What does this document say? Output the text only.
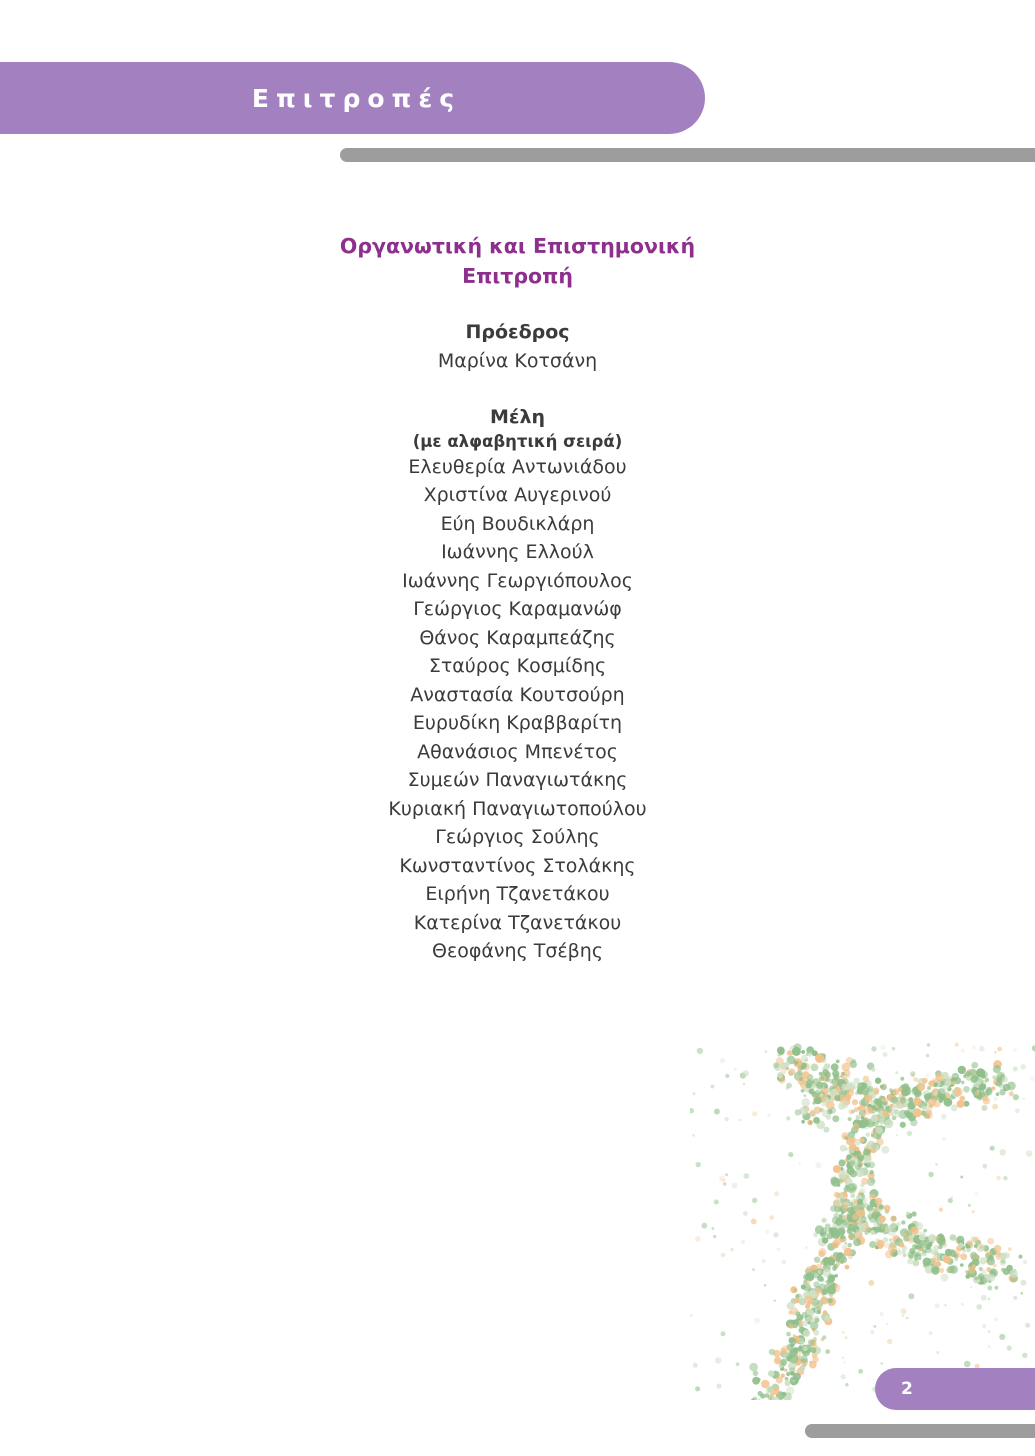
Επιτροπές

Οργανωτική και Επιστημονική Επιτροπή

Πρόεδρος

Μαρίνα Κοτσάνη

Μέλη

(με αλφαβητική σειρά)

Ελευθερία Αντωνιάδου
Χριστίνα Αυγερινού
Εύη Βουδικλάρη
Ιωάννης Ελλούλ
Ιωάννης Γεωργιόπουλος
Γεώργιος Καραμανώφ
Θάνος Καραμπεάζης
Σταύρος Κοσμίδης
Αναστασία Κουτσούρη
Ευρυδίκη Κραββαρίτη
Αθανάσιος Μπενέτος
Συμεών Παναγιωτάκης
Κυριακή Παναγιωτοπούλου
Γεώργιος Σούλης
Κωνσταντίνος Στολάκης
Ειρήνη Τζανετάκου
Κατερίνα Τζανετάκου
Θεοφάνης Τσέβης
2
